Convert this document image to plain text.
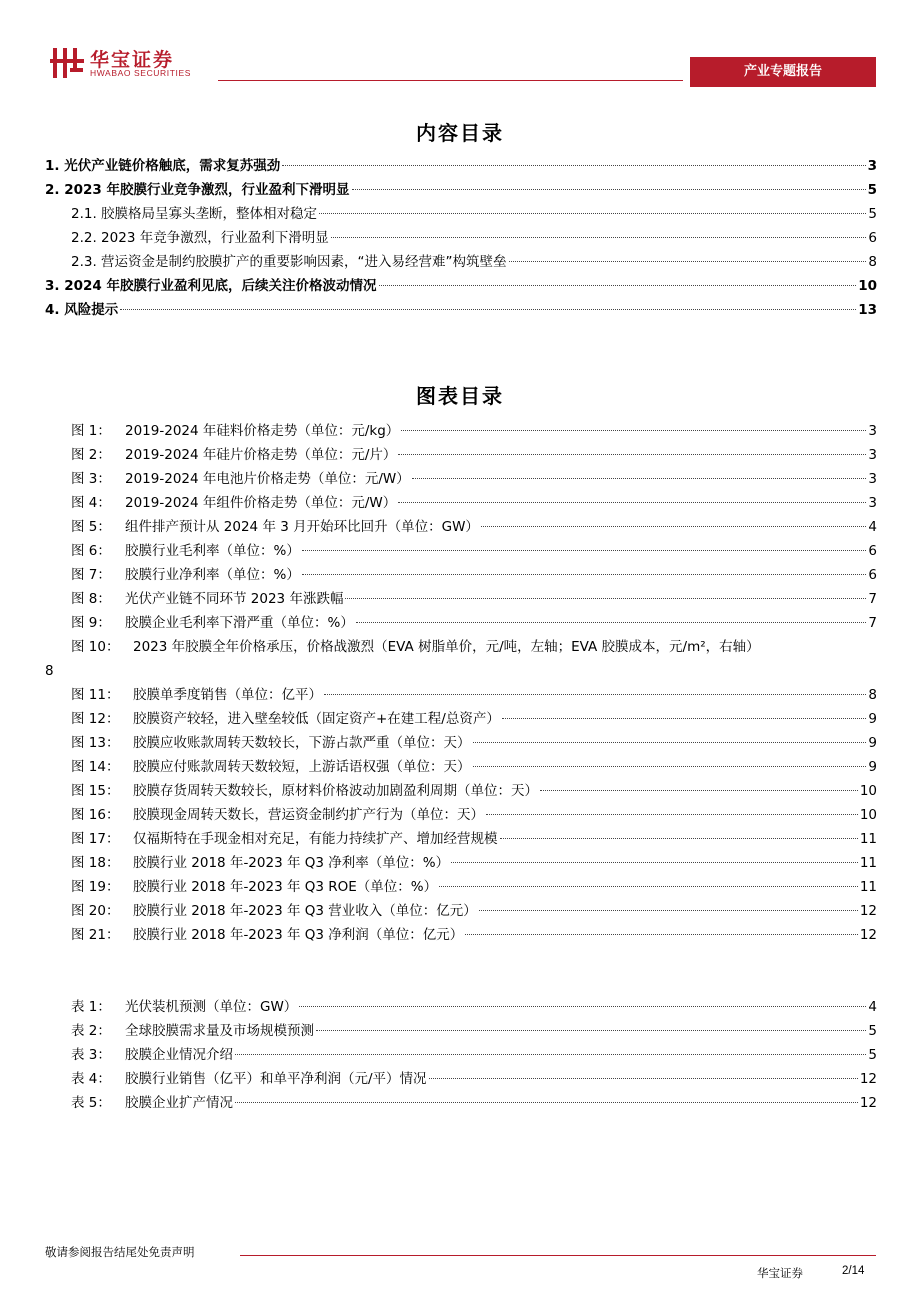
华宝证券
HWABAO SECURITIES	产业专题报告
内容目录
1. 光伏产业链价格触底，需求复苏强劲	3
2. 2023 年胶膜行业竞争激烈，行业盈利下滑明显	5
2.1. 胶膜格局呈寡头垄断，整体相对稳定	5
2.2. 2023 年竞争激烈，行业盈利下滑明显	6
2.3. 营运资金是制约胶膜扩产的重要影响因素，“进入易经营难”构筑壁垒	8
3. 2024 年胶膜行业盈利见底，后续关注价格波动情况	10
4. 风险提示	13
图表目录
图 1：	2019-2024 年硅料价格走势（单位：元/kg）	3
图 2：	2019-2024 年硅片价格走势（单位：元/片）	3
图 3：	2019-2024 年电池片价格走势（单位：元/W）	3
图 4：	2019-2024 年组件价格走势（单位：元/W）	3
图 5：	组件排产预计从 2024 年 3 月开始环比回升（单位：GW）	4
图 6：	胶膜行业毛利率（单位：%）	6
图 7：	胶膜行业净利率（单位：%）	6
图 8：	光伏产业链不同环节 2023 年涨跌幅	7
图 9：	胶膜企业毛利率下滑严重（单位：%）	7
图 10： 2023 年胶膜全年价格承压，价格战激烈（EVA 树脂单价，元/吨，左轴；EVA 胶膜成本，元/m²，右轴）
8
图 11：	胶膜单季度销售（单位：亿平）	8
图 12：	胶膜资产较轻，进入壁垒较低（固定资产+在建工程/总资产）	9
图 13：	胶膜应收账款周转天数较长，下游占款严重（单位：天）	9
图 14：	胶膜应付账款周转天数较短，上游话语权强（单位：天）	9
图 15：	胶膜存货周转天数较长，原材料价格波动加剧盈利周期（单位：天）	10
图 16：	胶膜现金周转天数长，营运资金制约扩产行为（单位：天）	10
图 17：	仅福斯特在手现金相对充足，有能力持续扩产、增加经营规模	11
图 18：	胶膜行业 2018 年-2023 年 Q3 净利率（单位：%）	11
图 19：	胶膜行业 2018 年-2023 年 Q3 ROE（单位：%）	11
图 20：	胶膜行业 2018 年-2023 年 Q3 营业收入（单位：亿元）	12
图 21：	胶膜行业 2018 年-2023 年 Q3 净利润（单位：亿元）	12
表 1：	光伏装机预测（单位：GW）	4
表 2：	全球胶膜需求量及市场规模预测	5
表 3：	胶膜企业情况介绍	5
表 4：	胶膜行业销售（亿平）和单平净利润（元/平）情况	12
表 5：	胶膜企业扩产情况	12
敬请参阅报告结尾处免责声明
华宝证券	2/14
